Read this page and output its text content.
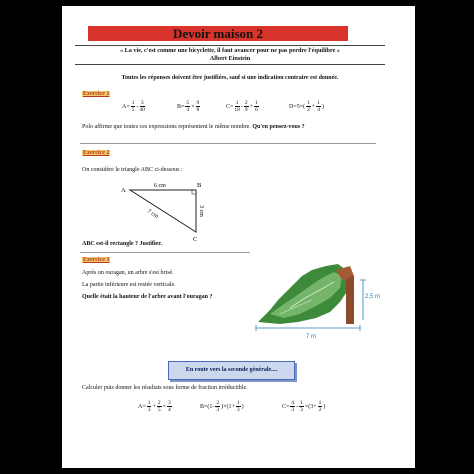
Devoir maison 2
« La vie, c'est comme une bicyclette, il faut avancer pour ne pas perdre l'équilibre »
Albert Einstein
Toutes les réponses doivent être justifiées, sauf si une indication contraire est donnée.
Exercice 1
$A= \frac{1}{5} - \frac{3}{40}$	$B= \frac{5}{4} \times \frac{9}{8}$	$C= \frac{1}{18} - \frac{2}{9} + \frac{1}{6}$	D= 5 ×( $\frac{1}{2} + \frac{1}{4}$ )
Polo affirme que toutes ces expressions représentent le même nombre. Qu'en pensez-vous ?
Exercice 2
On considère le triangle ABC ci-dessous :
A
B
C
6 cm
3 cm
7 cm
ABC est-il rectangle ? Justifier.
Exercice 3
Après un ouragan, un arbre s'est brisé.
La partie inférieure est restée verticale.
Quelle était la hauteur de l'arbre avant l'ouragan ?	2,5 m
7 m
En route vers la seconde générale....
Calculer puis donner les résultats sous forme de fraction irréductible.
$A= \frac{1}{3} + \frac{2}{5} \times \frac{3}{4}$	B= ( $1 - \frac{2}{3}$ ) × ( $1 + \frac{1}{3}$ )	$C= \frac{4}{3} - \frac{1}{3}$ × ( $3 + \frac{1}{2}$ )
